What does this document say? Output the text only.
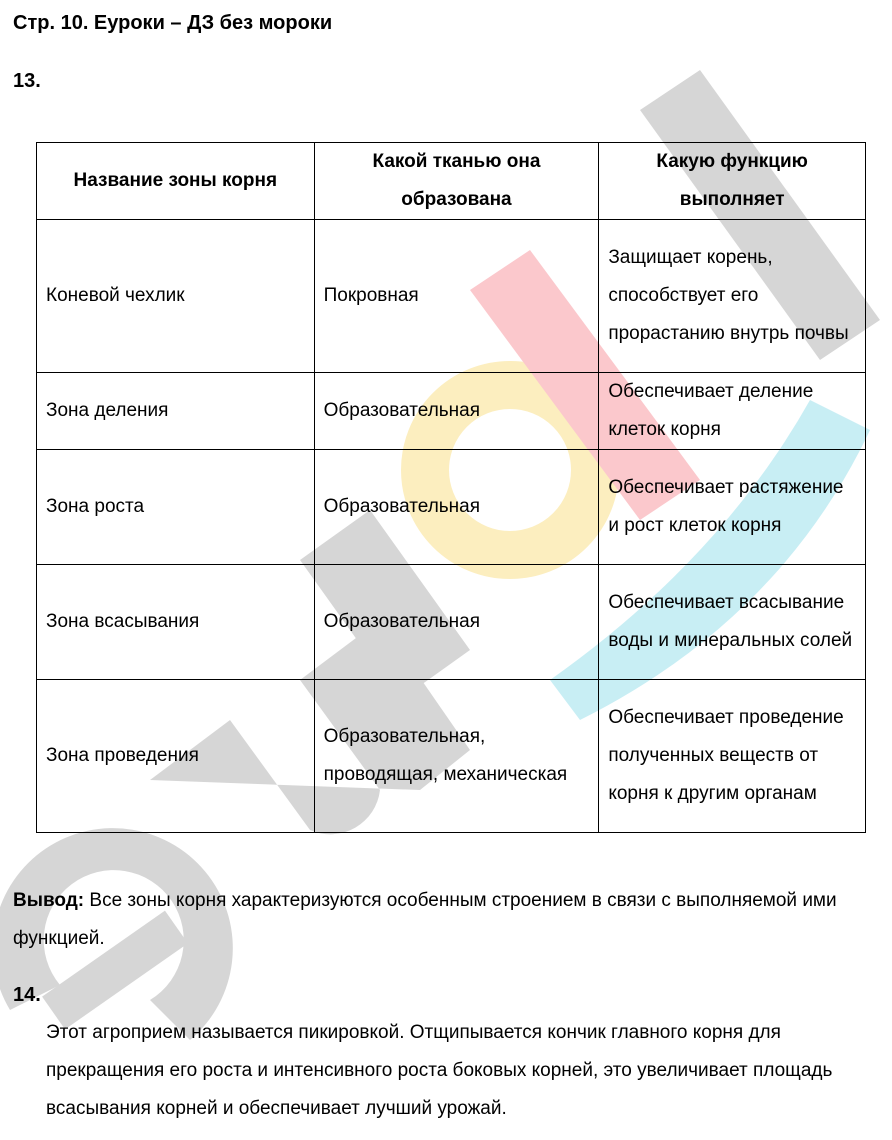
Стр. 10. Еуроки – ДЗ без мороки
13.
Название зоны корня	Какой тканью она образована	Какую функцию выполняет
Коневой чехлик	Покровная	Защищает корень, способствует его прорастанию внутрь почвы
Зона деления	Образовательная	Обеспечивает деление клеток корня
Зона роста	Образовательная	Обеспечивает растяжение и рост клеток корня
Зона всасывания	Образовательная	Обеспечивает всасывание воды и минеральных солей
Зона проведения	Образовательная, проводящая, механическая	Обеспечивает проведение полученных веществ от корня к другим органам
Вывод: Все зоны корня характеризуются особенным строением в связи с выполняемой ими функцией.
14.
Этот агроприем называется пикировкой. Отщипывается кончик главного корня для прекращения его роста и интенсивного роста боковых корней, это увеличивает площадь всасывания корней и обеспечивает лучший урожай.
